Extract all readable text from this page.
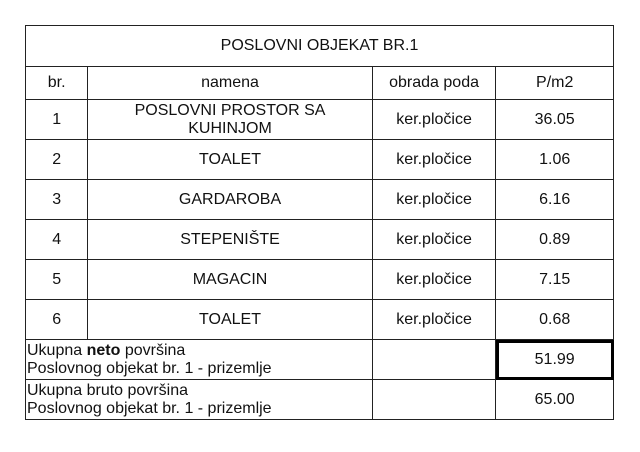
POSLOVNI OBJEKAT BR.1			
br.	namena	obrada poda	P/m2
1	POSLOVNI PROSTOR SA KUHINJOM	ker.pločice	36.05
2	TOALET	ker.pločice	1.06
3	GARDAROBA	ker.pločice	6.16
4	STEPENIŠTE	ker.pločice	0.89
5	MAGACIN	ker.pločice	7.15
6	TOALET	ker.pločice	0.68

Ukupna neto površina
Poslovnog objekat br. 1 - prizemlje			51.99

Ukupna bruto površina
Poslovnog objekat br. 1 - prizemlje			65.00
